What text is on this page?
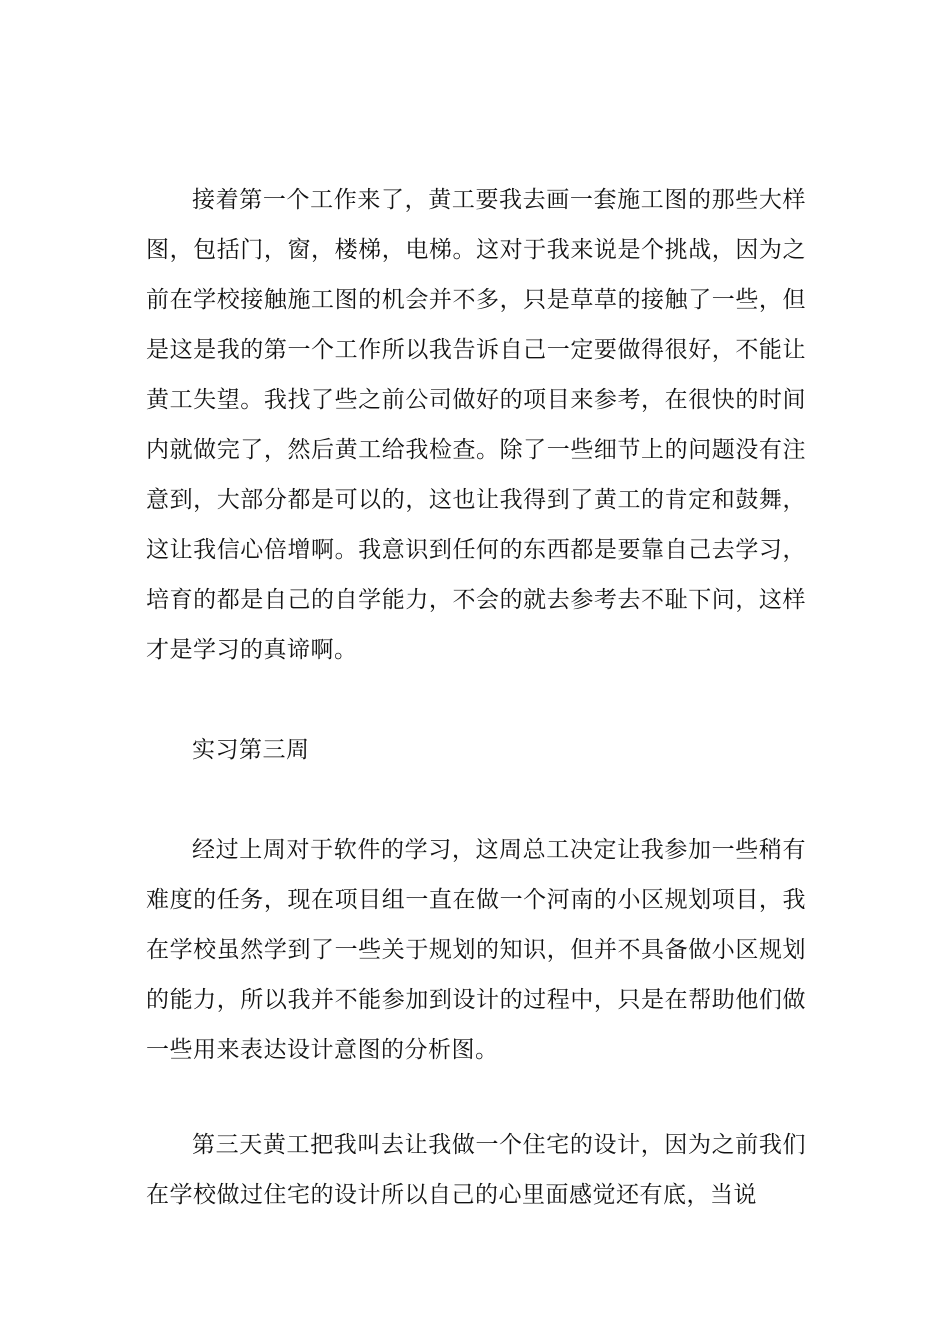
接着第一个工作来了，黄工要我去画一套施工图的那些大样图，包括门，窗，楼梯，电梯。这对于我来说是个挑战，因为之前在学校接触施工图的机会并不多，只是草草的接触了一些，但是这是我的第一个工作所以我告诉自己一定要做得很好，不能让黄工失望。我找了些之前公司做好的项目来参考，在很快的时间内就做完了，然后黄工给我检查。除了一些细节上的问题没有注意到，大部分都是可以的，这也让我得到了黄工的肯定和鼓舞，这让我信心倍增啊。我意识到任何的东西都是要靠自己去学习，培育的都是自己的自学能力，不会的就去参考去不耻下问，这样才是学习的真谛啊。

实习第三周

经过上周对于软件的学习，这周总工决定让我参加一些稍有难度的任务，现在项目组一直在做一个河南的小区规划项目，我在学校虽然学到了一些关于规划的知识，但并不具备做小区规划的能力，所以我并不能参加到设计的过程中，只是在帮助他们做一些用来表达设计意图的分析图。

第三天黄工把我叫去让我做一个住宅的设计，因为之前我们在学校做过住宅的设计所以自己的心里面感觉还有底，当说
